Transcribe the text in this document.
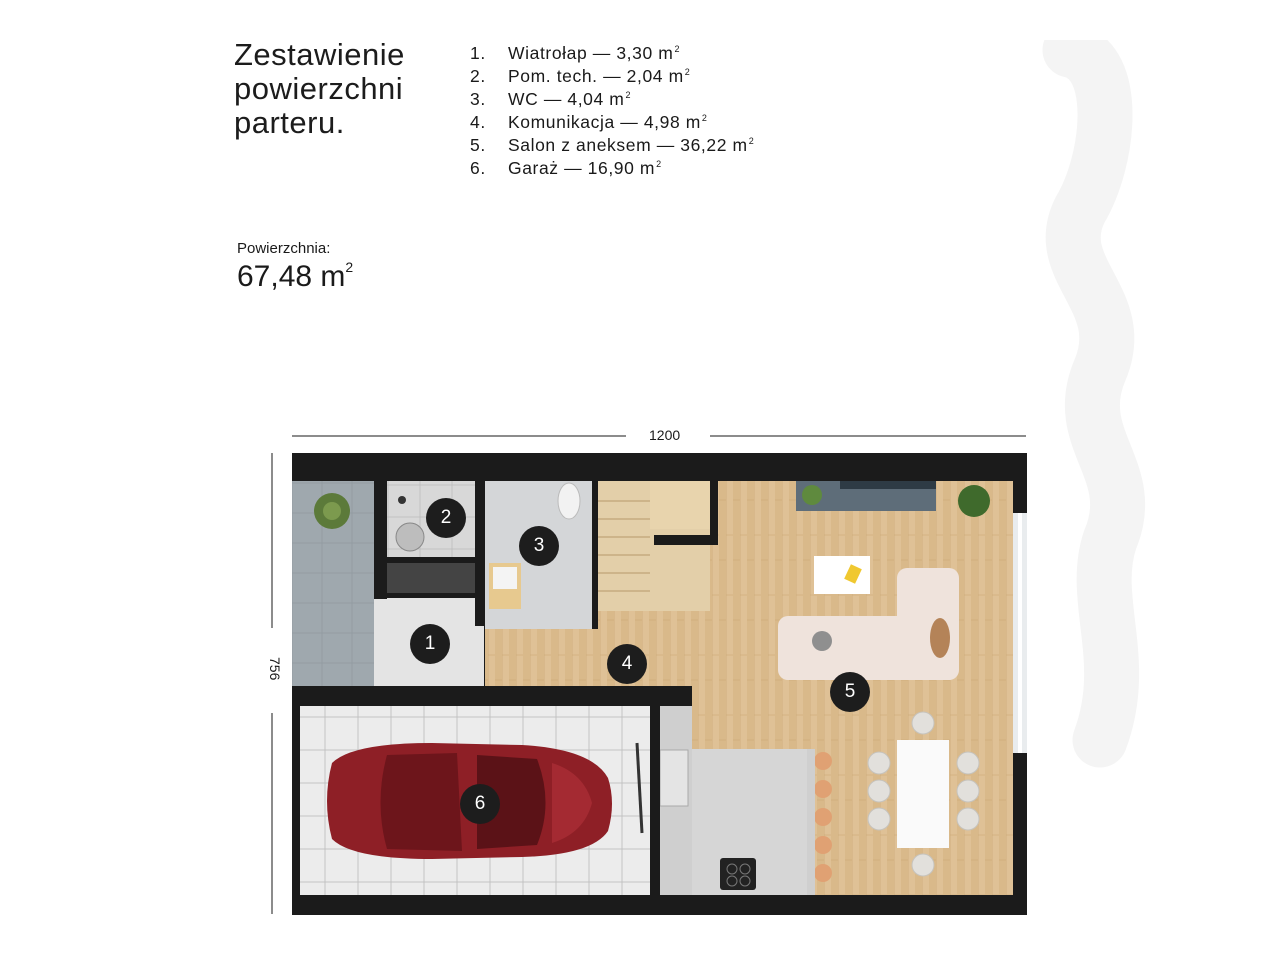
Zestawienie
powierzchni
parteru.
1. Wiatrołap — 3,30 $m^2$
2. Pom. tech. — 2,04 $m^2$
3. WC — 4,04 $m^2$
4. Komunikacja — 4,98 $m^2$
5. Salon z aneksem — 36,22 $m^2$
6. Garaż — 16,90 $m^2$
Powierzchnia:
67,48 $m^2$
1200
756
1
2
3
4
5
6
